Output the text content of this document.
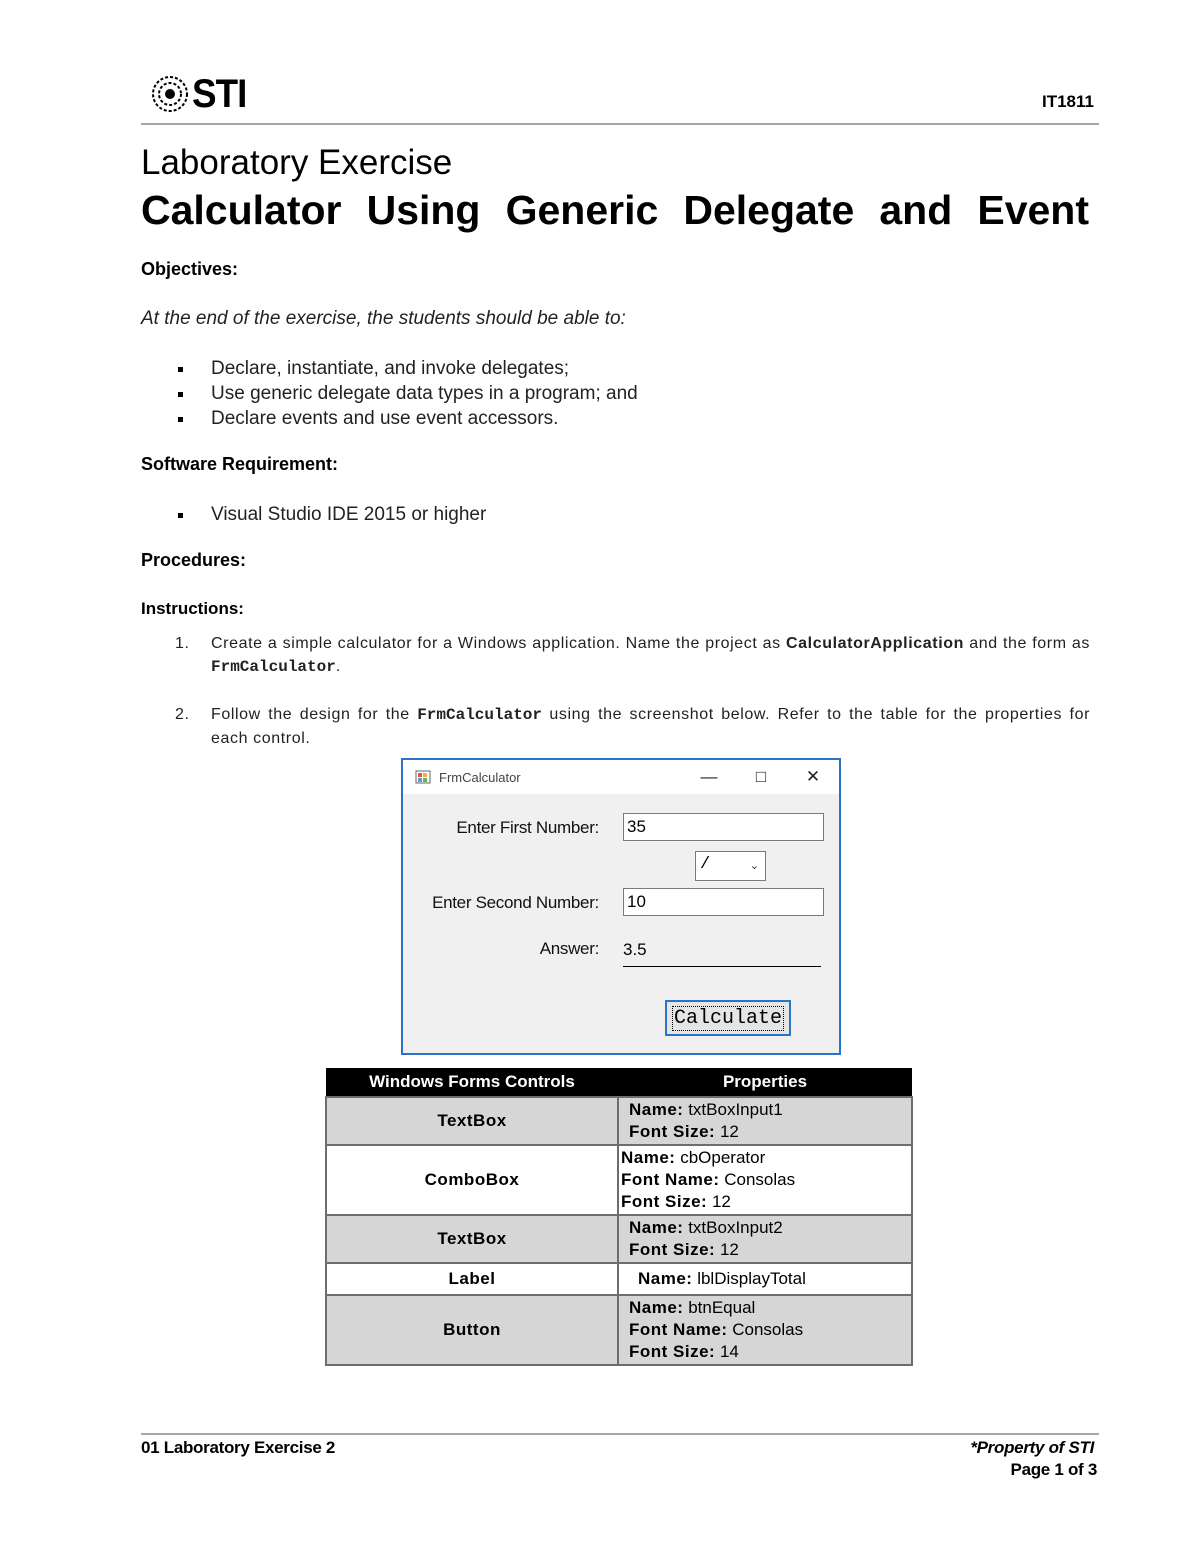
STI	IT1811
Laboratory Exercise
Calculator Using Generic Delegate and Event
Objectives:
At the end of the exercise, the students should be able to:
Declare, instantiate, and invoke delegates;
Use generic delegate data types in a program; and
Declare events and use event accessors.
Software Requirement:
Visual Studio IDE 2015 or higher
Procedures:
Instructions:
1. Create a simple calculator for a Windows application. Name the project as CalculatorApplication and the form as FrmCalculator.
2. Follow the design for the FrmCalculator using the screenshot below. Refer to the table for the properties for each control.
FrmCalculator	—	□	✕
Enter First Number: 35
/	⌄
Enter Second Number: 10
Answer: 3.5
Calculate
Windows Forms Controls	Properties
TextBox	Name: txtBoxInput1
Font Size: 12

ComboBox	Name: cbOperator
Font Name: Consolas
Font Size: 12

TextBox	Name: txtBoxInput2
Font Size: 12

Label	Name: lblDisplayTotal

Button	Name: btnEqual
Font Name: Consolas
Font Size: 14
01 Laboratory Exercise 2	*Property of STI
Page 1 of 3
